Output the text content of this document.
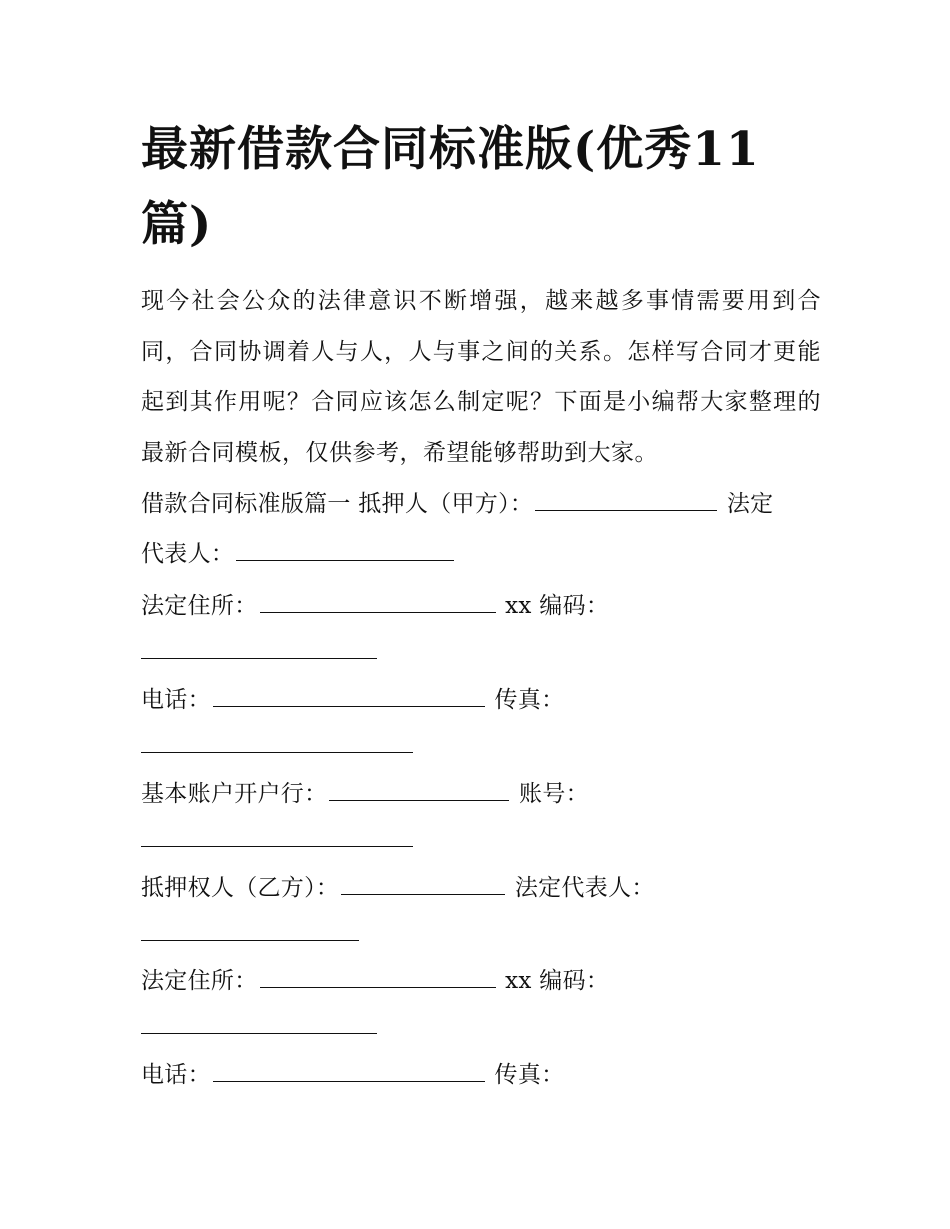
最新借款合同标准版(优秀11篇)

现今社会公众的法律意识不断增强，越来越多事情需要用到合同，合同协调着人与人，人与事之间的关系。怎样写合同才更能起到其作用呢？合同应该怎么制定呢？下面是小编帮大家整理的最新合同模板，仅供参考，希望能够帮助到大家。

借款合同标准版篇一 抵押人（甲方）：	法定

代表人：

法定住所：	xx 编码：

电话：	传真：

基本账户开户行：	账号：

抵押权人（乙方）：	法定代表人：

法定住所：	xx 编码：

电话：	传真：
